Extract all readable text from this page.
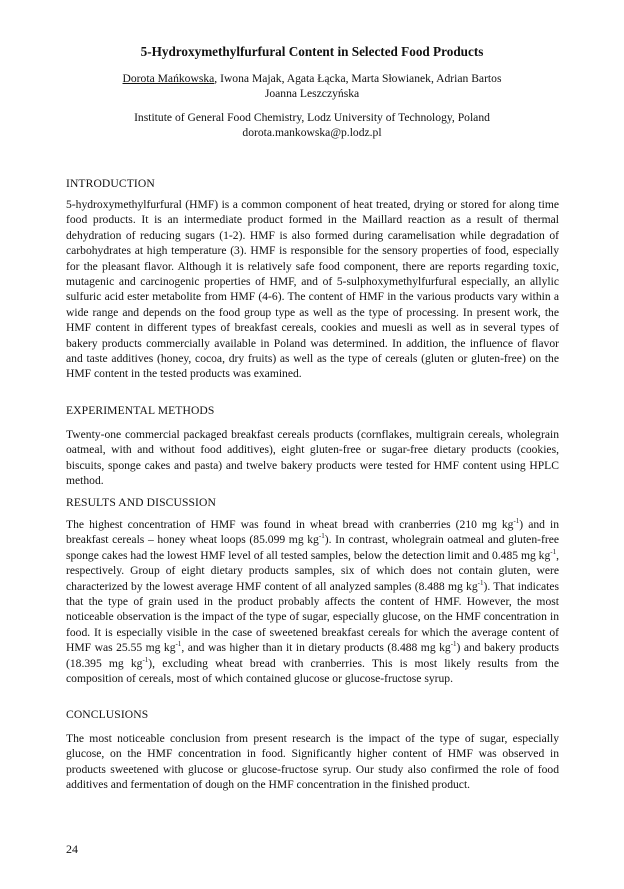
5-Hydroxymethylfurfural Content in Selected Food Products
Dorota Mańkowska, Iwona Majak, Agata Łącka, Marta Słowianek, Adrian Bartos
Joanna Leszczyńska
Institute of General Food Chemistry, Lodz University of Technology, Poland
dorota.mankowska@p.lodz.pl
INTRODUCTION
5-hydroxymethylfurfural (HMF) is a common component of heat treated, drying or stored for along time food products. It is an intermediate product formed in the Maillard reaction as a result of thermal dehydration of reducing sugars (1-2). HMF is also formed during caramelisation while degradation of carbohydrates at high temperature (3). HMF is responsible for the sensory properties of food, especially for the pleasant flavor. Although it is relatively safe food component, there are reports regarding toxic, mutagenic and carcinogenic properties of HMF, and of 5-sulphoxymethylfurfural especially, an allylic sulfuric acid ester metabolite from HMF (4-6). The content of HMF in the various products vary within a wide range and depends on the food group type as well as the type of processing. In present work, the HMF content in different types of breakfast cereals, cookies and muesli as well as in several types of bakery products commercially available in Poland was determined. In addition, the influence of flavor and taste additives (honey, cocoa, dry fruits) as well as the type of cereals (gluten or gluten-free) on the HMF content in the tested products was examined.
EXPERIMENTAL METHODS
Twenty-one commercial packaged breakfast cereals products (cornflakes, multigrain cereals, wholegrain oatmeal, with and without food additives), eight gluten-free or sugar-free dietary products (cookies, biscuits, sponge cakes and pasta) and twelve bakery products were tested for HMF content using HPLC method.
RESULTS AND DISCUSSION
The highest concentration of HMF was found in wheat bread with cranberries (210 mg $kg^{-1}$) and in breakfast cereals – honey wheat loops (85.099 mg $kg^{-1}$). In contrast, wholegrain oatmeal and gluten-free sponge cakes had the lowest HMF level of all tested samples, below the detection limit and 0.485 mg $kg^{-1}$, respectively. Group of eight dietary products samples, six of which does not contain gluten, were characterized by the lowest average HMF content of all analyzed samples (8.488 mg $kg^{-1}$). That indicates that the type of grain used in the product probably affects the content of HMF. However, the most noticeable observation is the impact of the type of sugar, especially glucose, on the HMF concentration in food. It is especially visible in the case of sweetened breakfast cereals for which the average content of HMF was 25.55 mg $kg^{-1}$, and was higher than it in dietary products (8.488 mg $kg^{-1}$) and bakery products (18.395 mg $kg^{-1}$), excluding wheat bread with cranberries. This is most likely results from the composition of cereals, most of which contained glucose or glucose-fructose syrup.
CONCLUSIONS
The most noticeable conclusion from present research is the impact of the type of sugar, especially glucose, on the HMF concentration in food. Significantly higher content of HMF was observed in products sweetened with glucose or glucose-fructose syrup. Our study also confirmed the role of food additives and fermentation of dough on the HMF concentration in the finished product.
24
